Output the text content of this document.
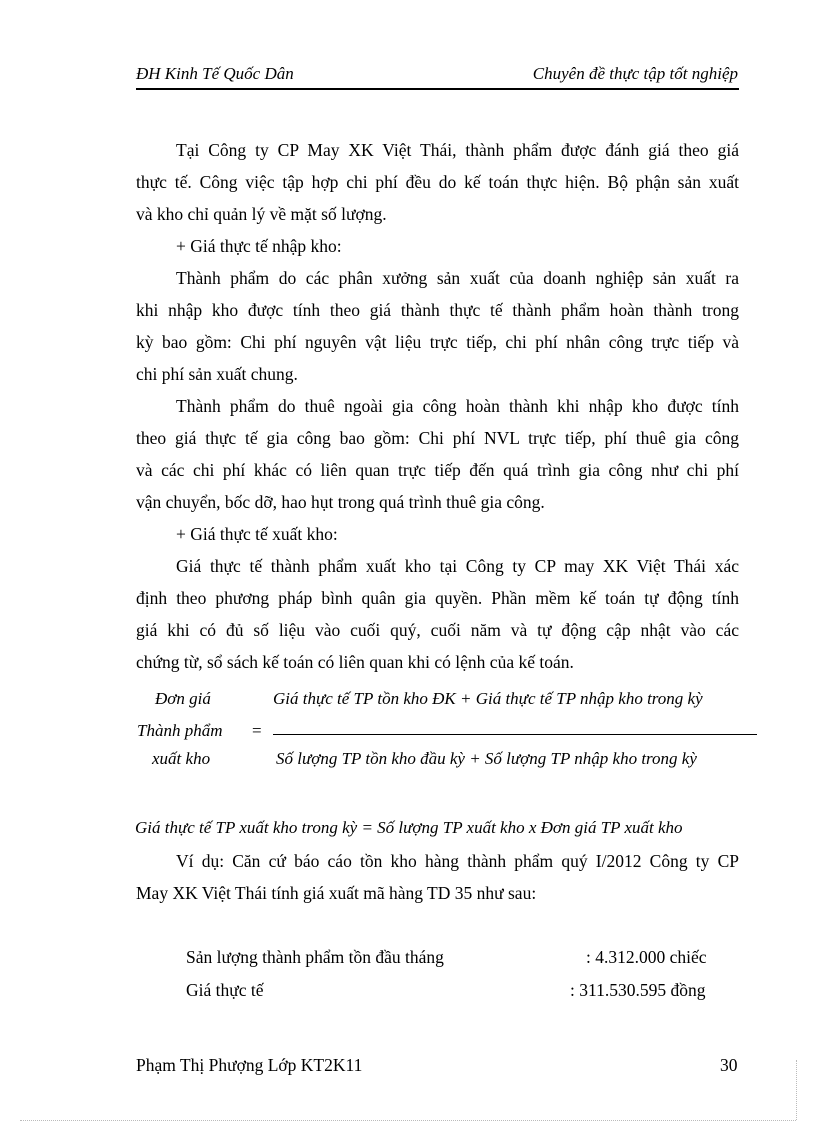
ĐH Kinh Tế Quốc Dân	Chuyên đề thực tập tốt nghiệp
Tại Công ty CP May XK Việt Thái, thành phẩm được đánh giá theo giá
thực tế. Công việc tập hợp chi phí đều do kế toán thực hiện. Bộ phận sản xuất
và kho chỉ quản lý về mặt số lượng.
+ Giá thực tế nhập kho:
Thành phẩm do các phân xưởng sản xuất của doanh nghiệp sản xuất ra
khi nhập kho được tính theo giá thành thực tế thành phẩm hoàn thành trong
kỳ bao gồm: Chi phí nguyên vật liệu trực tiếp, chi phí nhân công trực tiếp và
chi phí sản xuất chung.
Thành phẩm do thuê ngoài gia công hoàn thành khi nhập kho được tính
theo giá thực tế gia công bao gồm: Chi phí NVL trực tiếp, phí thuê gia công
và các chi phí khác có liên quan trực tiếp đến quá trình gia công như chi phí
vận chuyển, bốc dỡ, hao hụt trong quá trình thuê gia công.
+ Giá thực tế xuất kho:
Giá thực tế thành phẩm xuất kho tại Công ty CP may XK Việt Thái xác
định theo phương pháp bình quân gia quyền. Phần mềm kế toán tự động tính
giá khi có đủ số liệu vào cuối quý, cuối năm và tự động cập nhật vào các
chứng từ, sổ sách kế toán có liên quan khi có lệnh của kế toán.
Đơn giá
Thành phẩm
xuất kho
=
Giá thực tế TP tồn kho ĐK + Giá thực tế TP nhập kho trong kỳ
Số lượng TP tồn kho đầu kỳ + Số lượng TP nhập kho trong kỳ
Giá thực tế TP xuất kho trong kỳ = Số lượng TP xuất kho x Đơn giá TP xuất kho
Ví dụ: Căn cứ báo cáo tồn kho hàng thành phẩm quý I/2012 Công ty CP
May XK Việt Thái tính giá xuất mã hàng TD 35 như sau:
Sản lượng thành phẩm tồn đầu tháng	: 4.312.000 chiếc
Giá thực tế	: 311.530.595 đồng
Phạm Thị Phượng Lớp KT2K11	30
